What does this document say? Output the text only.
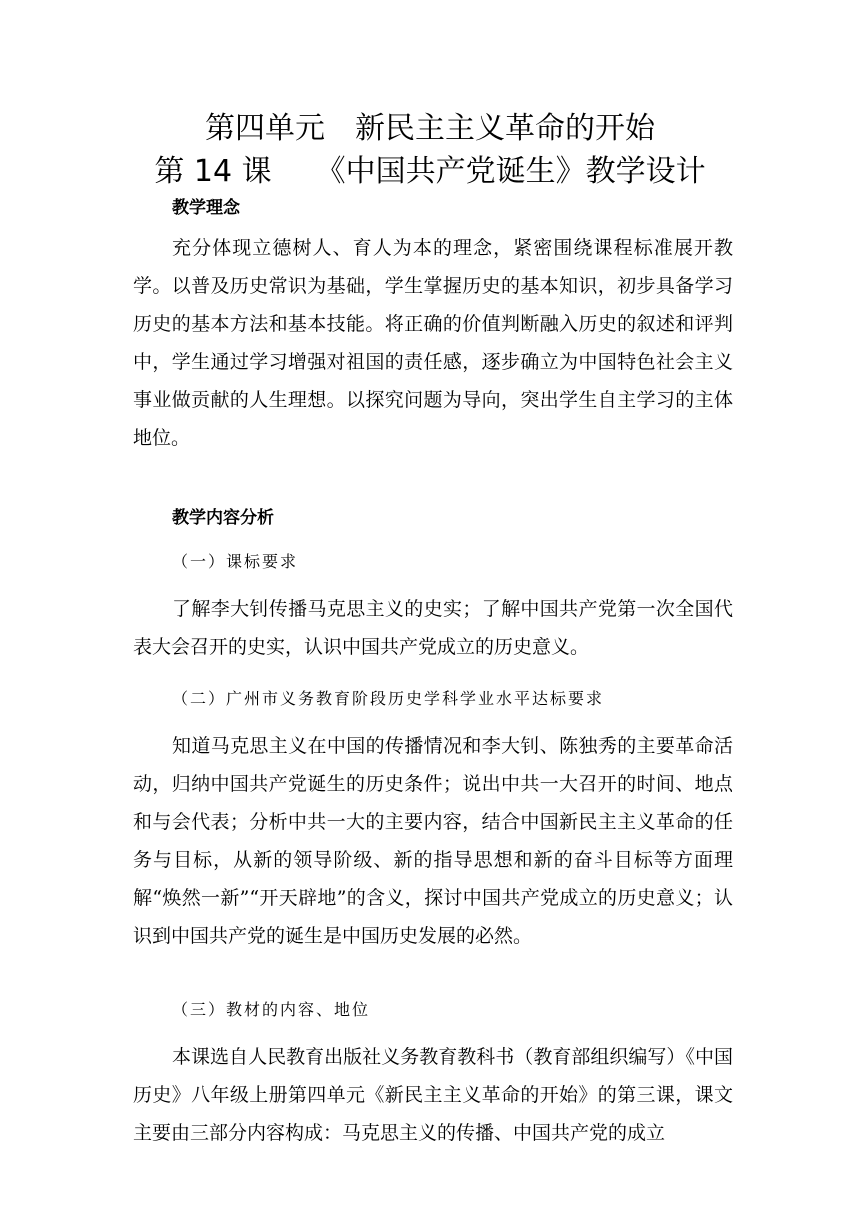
第四单元 新民主主义革命的开始
第 14 课 《中国共产党诞生》教学设计
教学理念

充分体现立德树人、育人为本的理念，紧密围绕课程标准展开教学。以普及历史常识为基础，学生掌握历史的基本知识，初步具备学习历史的基本方法和基本技能。将正确的价值判断融入历史的叙述和评判中，学生通过学习增强对祖国的责任感，逐步确立为中国特色社会主义事业做贡献的人生理想。以探究问题为导向，突出学生自主学习的主体地位。

教学内容分析
（一）课标要求

了解李大钊传播马克思主义的史实；了解中国共产党第一次全国代表大会召开的史实，认识中国共产党成立的历史意义。

（二）广州市义务教育阶段历史学科学业水平达标要求

知道马克思主义在中国的传播情况和李大钊、陈独秀的主要革命活动，归纳中国共产党诞生的历史条件；说出中共一大召开的时间、地点和与会代表；分析中共一大的主要内容，结合中国新民主主义革命的任务与目标，从新的领导阶级、新的指导思想和新的奋斗目标等方面理解“焕然一新”“开天辟地”的含义，探讨中国共产党成立的历史意义；认识到中国共产党的诞生是中国历史发展的必然。

（三）教材的内容、地位

本课选自人民教育出版社义务教育教科书（教育部组织编写）《中国历史》八年级上册第四单元《新民主主义革命的开始》的第三课，课文主要由三部分内容构成：马克思主义的传播、中国共产党的成立
